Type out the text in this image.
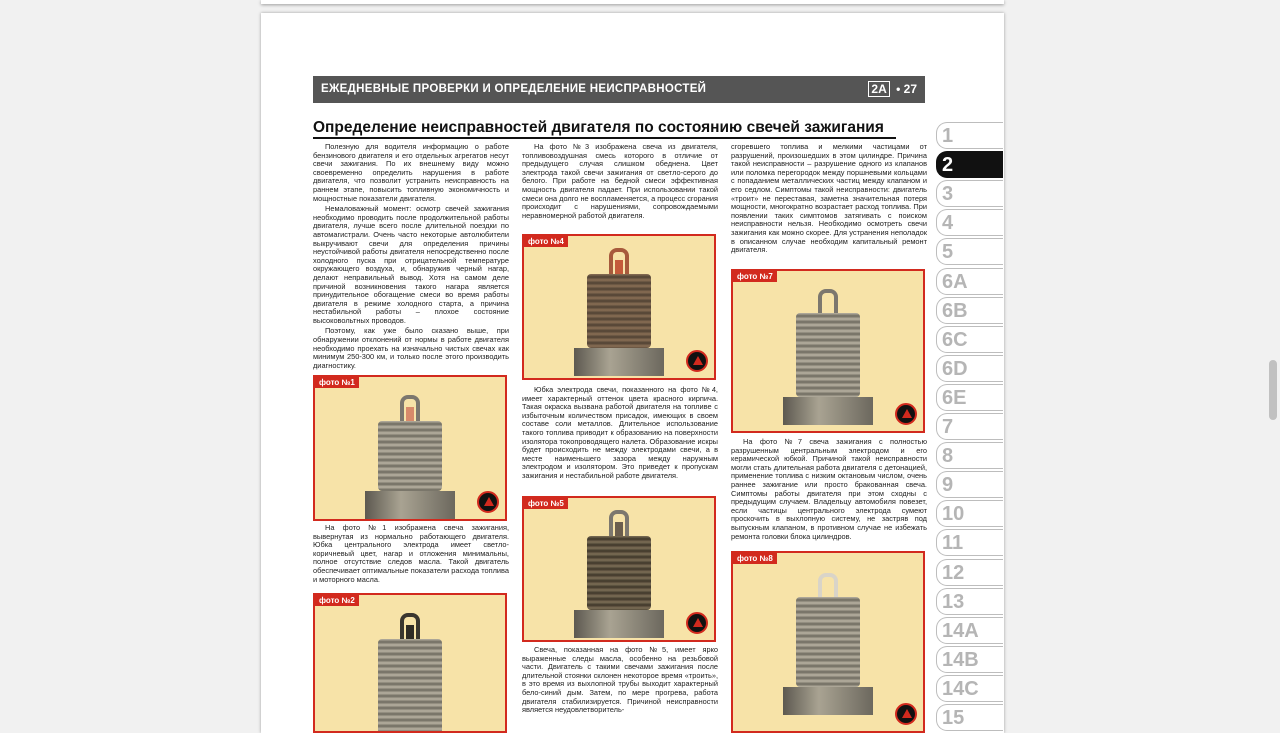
ЕЖЕДНЕВНЫЕ ПРОВЕРКИ И ОПРЕДЕЛЕНИЕ НЕИСПРАВНОСТЕЙ	2A • 27
Определение неисправностей двигателя по состоянию свечей зажигания

Полезную для водителя информацию о работе бензинового двигателя и его отдельных агрегатов несут свечи зажигания. По их внешнему виду можно своевременно определить нарушения в работе двигателя, что позволит устранить неисправность на раннем этапе, повысить топливную экономичность и мощностные показатели двигателя.

Немаловажный момент: осмотр свечей зажигания необходимо проводить после продолжительной работы двигателя, лучше всего после длительной поездки по автомагистрали. Очень часто некоторые автолюбители выкручивают свечи для определения причины неустойчивой работы двигателя непосредственно после холодного пуска при отрицательной температуре окружающего воздуха, и, обнаружив черный нагар, делают неправильный вывод. Хотя на самом деле причиной возникновения такого нагара является принудительное обогащение смеси во время работы двигателя в режиме холодного старта, а причина нестабильной работы – плохое состояние высоковольтных проводов.

Поэтому, как уже было сказано выше, при обнаружении отклонений от нормы в работе двигателя необходимо проехать на изначально чистых свечах как минимум 250-300 км, и только после этого производить диагностику.

фото №1

На фото №1 изображена свеча зажигания, вывернутая из нормально работающего двигателя. Юбка центрального электрода имеет светло-коричневый цвет, нагар и отложения минимальны, полное отсутствие следов масла. Такой двигатель обеспечивает оптимальные показатели расхода топлива и моторного масла.

фото №2

На фото №3 изображена свеча из двигателя, топливовоздушная смесь которого в отличие от предыдущего случая слишком обеднена. Цвет электрода такой свечи зажигания от светло-серого до белого. При работе на бедной смеси эффективная мощность двигателя падает. При использовании такой смеси она долго не воспламеняется, а процесс сгорания происходит с нарушениями, сопровождаемыми неравномерной работой двигателя.

фото №4

Юбка электрода свечи, показанного на фото №4, имеет характерный оттенок цвета красного кирпича. Такая окраска вызвана работой двигателя на топливе с избыточным количеством присадок, имеющих в своем составе соли металлов. Длительное использование такого топлива приводит к образованию на поверхности изолятора токопроводящего налета. Образование искры будет происходить не между электродами свечи, а в месте наименьшего зазора между наружным электродом и изолятором. Это приведет к пропускам зажигания и нестабильной работе двигателя.

фото №5

Свеча, показанная на фото №5, имеет ярко выраженные следы масла, особенно на резьбовой части. Двигатель с такими свечами зажигания после длительной стоянки склонен некоторое время «троить», в это время из выхлопной трубы выходит характерный бело-синий дым. Затем, по мере прогрева, работа двигателя стабилизируется. Причиной неисправности является неудовлетворитель-

сгоревшего топлива и мелкими частицами от разрушений, произошедших в этом цилиндре. Причина такой неисправности – разрушение одного из клапанов или поломка перегородок между поршневыми кольцами с попаданием металлических частиц между клапаном и его седлом. Симптомы такой неисправности: двигатель «троит» не переставая, заметна значительная потеря мощности, многократно возрастает расход топлива. При появлении таких симптомов затягивать с поиском неисправности нельзя. Необходимо осмотреть свечи зажигания как можно скорее. Для устранения неполадок в описанном случае необходим капитальный ремонт двигателя.

фото №7

На фото №7 свеча зажигания с полностью разрушенным центральным электродом и его керамической юбкой. Причиной такой неисправности могли стать длительная работа двигателя с детонацией, применение топлива с низким октановым числом, очень раннее зажигание или просто бракованная свеча. Симптомы работы двигателя при этом сходны с предыдущим случаем. Владельцу автомобиля повезет, если частицы центрального электрода сумеют проскочить в выхлопную систему, не застряв под выпускным клапаном, в противном случае не избежать ремонта головки блока цилиндров.

фото №8
1
2
3
4
5
6A
6B
6C
6D
6E
7
8
9
10
11
12
13
14A
14B
14C
15
